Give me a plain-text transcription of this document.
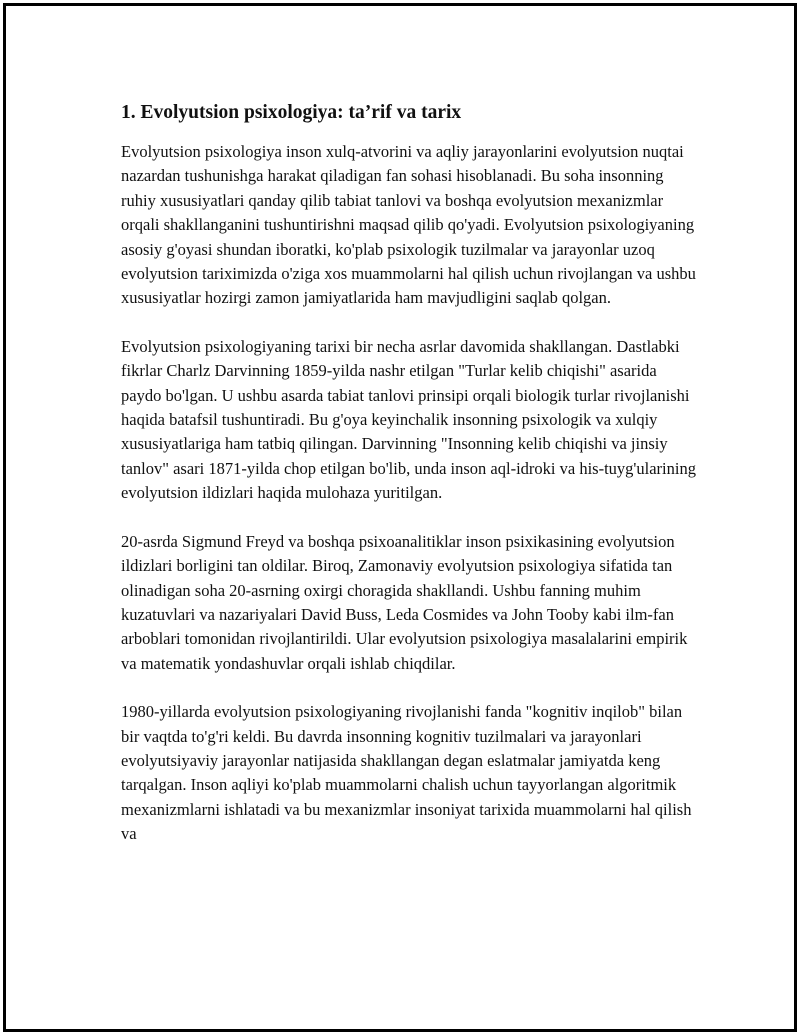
1. Evolyutsion psixologiya: ta’rif va tarix

Evolyutsion psixologiya inson xulq-atvorini va aqliy jarayonlarini evolyutsion nuqtai nazardan tushunishga harakat qiladigan fan sohasi hisoblanadi. Bu soha insonning ruhiy xususiyatlari qanday qilib tabiat tanlovi va boshqa evolyutsion mexanizmlar orqali shakllanganini tushuntirishni maqsad qilib qo'yadi. Evolyutsion psixologiyaning asosiy g'oyasi shundan iboratki, ko'plab psixologik tuzilmalar va jarayonlar uzoq evolyutsion tariximizda o'ziga xos muammolarni hal qilish uchun rivojlangan va ushbu xususiyatlar hozirgi zamon jamiyatlarida ham mavjudligini saqlab qolgan.

Evolyutsion psixologiyaning tarixi bir necha asrlar davomida shakllangan. Dastlabki fikrlar Charlz Darvinning 1859-yilda nashr etilgan "Turlar kelib chiqishi" asarida paydo bo'lgan. U ushbu asarda tabiat tanlovi prinsipi orqali biologik turlar rivojlanishi haqida batafsil tushuntiradi. Bu g'oya keyinchalik insonning psixologik va xulqiy xususiyatlariga ham tatbiq qilingan. Darvinning "Insonning kelib chiqishi va jinsiy tanlov" asari 1871-yilda chop etilgan bo'lib, unda inson aql-idroki va his-tuyg'ularining evolyutsion ildizlari haqida mulohaza yuritilgan.

20-asrda Sigmund Freyd va boshqa psixoanalitiklar inson psixikasining evolyutsion ildizlari borligini tan oldilar. Biroq, Zamonaviy evolyutsion psixologiya sifatida tan olinadigan soha 20-asrning oxirgi choragida shakllandi. Ushbu fanning muhim kuzatuvlari va nazariyalari David Buss, Leda Cosmides va John Tooby kabi ilm-fan arboblari tomonidan rivojlantirildi. Ular evolyutsion psixologiya masalalarini empirik va matematik yondashuvlar orqali ishlab chiqdilar.

1980-yillarda evolyutsion psixologiyaning rivojlanishi fanda "kognitiv inqilob" bilan bir vaqtda to'g'ri keldi. Bu davrda insonning kognitiv tuzilmalari va jarayonlari evolyutsiyaviy jarayonlar natijasida shakllangan degan eslatmalar jamiyatda keng tarqalgan. Inson aqliyi ko'plab muammolarni chalish uchun tayyorlangan algoritmik mexanizmlarni ishlatadi va bu mexanizmlar insoniyat tarixida muammolarni hal qilish va
